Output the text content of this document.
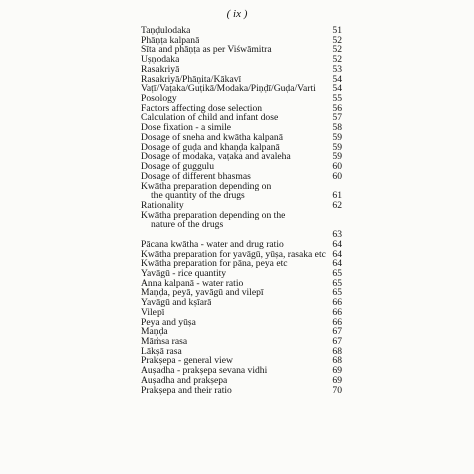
( ix )
Taṇḍulodaka	51
Phāṇṭa kalpanā	52
Śīta and phāṇṭa as per Viśwāmitra	52
Uṣṇodaka	52
Rasakriyā	53
Rasakriyā/Phāṇita/Kākavī	54
Vaṭī/Vaṭaka/Guṭikā/Modaka/Piṇḍī/Guḍa/Varti	54
Posology	55
Factors affecting dose selection	56
Calculation of child and infant dose	57
Dose fixation - a simile	58
Dosage of sneha and kwātha kalpanā	59
Dosage of guḍa and khaṇḍa kalpanā	59
Dosage of modaka, vaṭaka and avaleha	59
Dosage of guggulu	60
Dosage of different bhasmas	60
Kwātha preparation depending on
the quantity of the drugs	61
Rationality	62
Kwātha preparation depending on the
nature of the drugs
63
Pācana kwātha - water and drug ratio	64
Kwātha preparation for yavāgū, yūṣa, rasaka etc 64
Kwātha preparation for pāna, peya etc	64
Yavāgū - rice quantity	65
Anna kalpanā - water ratio	65
Maṇḍa, peyā, yavāgū and vilepī	65
Yavāgū and kṣīarā	66
Vilepī	66
Peya and yūṣa	66
Maṇḍa	67
Māṁsa rasa	67
Lākṣā rasa	68
Prakṣepa - general view	68
Auṣadha - prakṣepa sevana vidhi	69
Auṣadha and prakṣepa	69
Prakṣepa and their ratio	70
